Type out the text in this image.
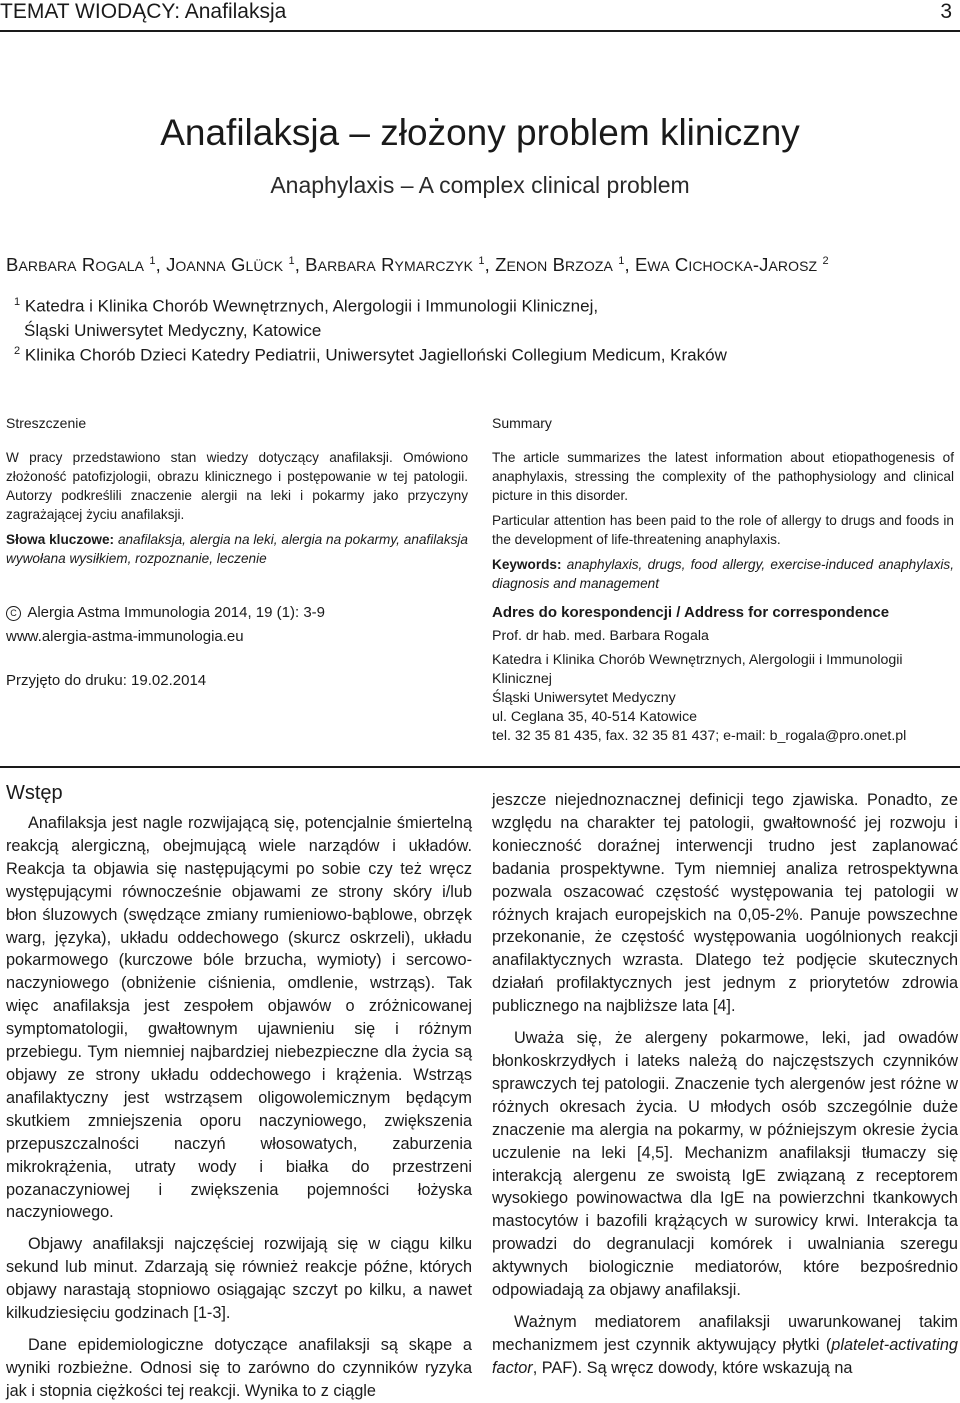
TEMAT WIODĄCY: Anafilaksja	3
Anafilaksja – złożony problem kliniczny
Anaphylaxis – A complex clinical problem
BARBARA ROGALA $^1$, JOANNA GLÜCK $^1$, BARBARA RYMARCZYK $^1$, ZENON BRZOZA $^1$, EWA CICHOCKA-JAROSZ $^2$
$^1$ Katedra i Klinika Chorób Wewnętrznych, Alergologii i Immunologii Klinicznej,
Śląski Uniwersytet Medyczny, Katowice
$^2$ Klinika Chorób Dzieci Katedry Pediatrii, Uniwersytet Jagielloński Collegium Medicum, Kraków
Streszczenie

W pracy przedstawiono stan wiedzy dotyczący anafilaksji. Omówiono złożoność patofizjologii, obrazu klinicznego i postępowanie w tej patologii. Autorzy podkreślili znaczenie alergii na leki i pokarmy jako przyczyny zagrażającej życiu anafilaksji.

Słowa kluczowe: anafilaksja, alergia na leki, alergia na pokarmy, anafilaksja wywołana wysiłkiem, rozpoznanie, leczenie

Summary

The article summarizes the latest information about etiopathogenesis of anaphylaxis, stressing the complexity of the pathophysiology and clinical picture in this disorder.

Particular attention has been paid to the role of allergy to drugs and foods in the development of life-threatening anaphylaxis.

Keywords: anaphylaxis, drugs, food allergy, exercise-induced anaphylaxis, diagnosis and management

C Alergia Astma Immunologia 2014, 19 (1): 3-9

www.alergia-astma-immunologia.eu

Przyjęto do druku: 19.02.2014

Adres do korespondencji / Address for correspondence

Prof. dr hab. med. Barbara Rogala

Katedra i Klinika Chorób Wewnętrznych, Alergologii i Immunologii

Klinicznej

Śląski Uniwersytet Medyczny

ul. Ceglana 35, 40-514 Katowice

tel. 32 35 81 435, fax. 32 35 81 437; e-mail: b_rogala@pro.onet.pl

Wstęp

Anafilaksja jest nagle rozwijającą się, potencjalnie śmiertelną reakcją alergiczną, obejmującą wiele narządów i układów. Reakcja ta objawia się następującymi po sobie czy też wręcz występującymi równocześnie objawami ze strony skóry i/lub błon śluzowych (swędzące zmiany rumieniowo-bąblowe, obrzęk warg, języka), układu oddechowego (skurcz oskrzeli), układu pokarmowego (kurczowe bóle brzucha, wymioty) i sercowo-naczyniowego (obniżenie ciśnienia, omdlenie, wstrząs). Tak więc anafilaksja jest zespołem objawów o zróżnicowanej symptomatologii, gwałtownym ujawnieniu się i różnym przebiegu. Tym niemniej najbardziej niebezpieczne dla życia są objawy ze strony układu oddechowego i krążenia. Wstrząs anafilaktyczny jest wstrząsem oligowolemicznym będącym skutkiem zmniejszenia oporu naczyniowego, zwiększenia przepuszczalności naczyń włosowatych, zaburzenia mikrokrążenia, utraty wody i białka do przestrzeni pozanaczyniowej i zwiększenia pojemności łożyska naczyniowego.

Objawy anafilaksji najczęściej rozwijają się w ciągu kilku sekund lub minut. Zdarzają się również reakcje późne, których objawy narastają stopniowo osiągając szczyt po kilku, a nawet kilkudziesięciu godzinach [1-3].

Dane epidemiologiczne dotyczące anafilaksji są skąpe a wyniki rozbieżne. Odnosi się to zarówno do czynników ryzyka jak i stopnia ciężkości tej reakcji. Wynika to z ciągle

jeszcze niejednoznacznej definicji tego zjawiska. Ponadto, ze względu na charakter tej patologii, gwałtowność jej rozwoju i konieczność doraźnej interwencji trudno jest zaplanować badania prospektywne. Tym niemniej analiza retrospektywna pozwala oszacować częstość występowania tej patologii w różnych krajach europejskich na 0,05-2%. Panuje powszechne przekonanie, że częstość występowania uogólnionych reakcji anafilaktycznych wzrasta. Dlatego też podjęcie skutecznych działań profilaktycznych jest jednym z priorytetów zdrowia publicznego na najbliższe lata [4].

Uważa się, że alergeny pokarmowe, leki, jad owadów błonkoskrzydłych i lateks należą do najczęstszych czynników sprawczych tej patologii. Znaczenie tych alergenów jest różne w różnych okresach życia. U młodych osób szczególnie duże znaczenie ma alergia na pokarmy, w późniejszym okresie życia uczulenie na leki [4,5]. Mechanizm anafilaksji tłumaczy się interakcją alergenu ze swoistą IgE związaną z receptorem wysokiego powinowactwa dla IgE na powierzchni tkankowych mastocytów i bazofili krążących w surowicy krwi. Interakcja ta prowadzi do degranulacji komórek i uwalniania szeregu aktywnych biologicznie mediatorów, które bezpośrednio odpowiadają za objawy anafilaksji.

Ważnym mediatorem anafilaksji uwarunkowanej takim mechanizmem jest czynnik aktywujący płytki (platelet-activating factor, PAF). Są wręcz dowody, które wskazują na
